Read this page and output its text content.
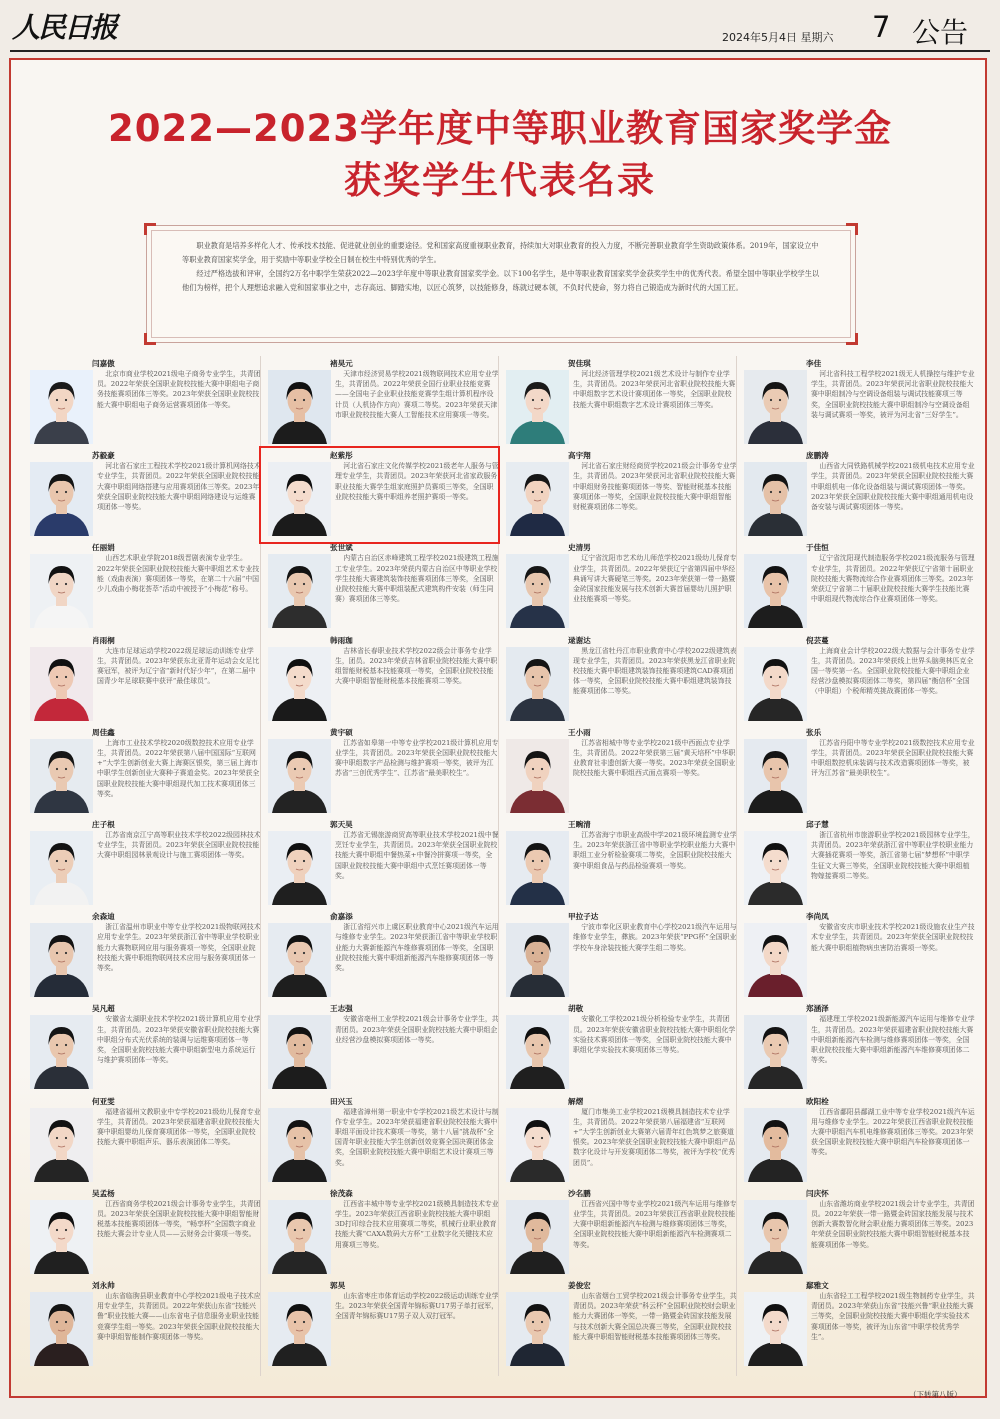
人民日报	2024年5月4日 星期六 7 公告
2022—2023学年度中等职业教育国家奖学金
获奖学生代表名录

职业教育是培养多样化人才、传承技术技能、促进就业创业的重要途径。党和国家高度重视职业教育，持续加大对职业教育的投入力度，不断完善职业教育学生资助政策体系。2019年，国家设立中等职业教育国家奖学金，用于奖励中等职业学校全日制在校生中特别优秀的学生。

经过严格选拔和评审，全国约2万名中职学生荣获2022—2023学年度中等职业教育国家奖学金。以下100名学生，是中等职业教育国家奖学金获奖学生中的优秀代表。希望全国中等职业学校学生以他们为榜样，把个人理想追求融入党和国家事业之中，志存高远、脚踏实地，以匠心筑梦，以技能修身，练就过硬本领，不负时代使命，努力将自己锻造成为新时代的大国工匠。

闫嘉傲

北京市商业学校2021级电子商务专业学生，共青团员。2022年荣获全国职业院校技能大赛中职组电子商务技能赛项团体三等奖。2023年荣获全国职业院校技能大赛中职组电子商务运营赛项团体一等奖。

褚昊元

天津市经济贸易学校2021级物联网技术应用专业学生，共青团员。2022年荣获全国行业职业技能竞赛——全国电子企业职业技能竞赛学生组计算机程序设计员（人机协作方向）赛项二等奖。2023年荣获天津市职业院校技能大赛人工智能技术应用赛项一等奖。

贺佳琪

河北经济管理学校2021级艺术设计与制作专业学生，共青团员。2023年荣获河北省职业院校技能大赛中职组数字艺术设计赛项团体一等奖，全国职业院校技能大赛中职组数字艺术设计赛项团体三等奖。

李佳

河北省科技工程学校2021级无人机操控与维护专业学生，共青团员。2023年荣获河北省职业院校技能大赛中职组制冷与空调设备组装与调试技能赛项三等奖，全国职业院校技能大赛中职组制冷与空调设备组装与调试赛项一等奖，被评为河北省“三好学生”。

苏毅豪

河北省石家庄工程技术学校2021级计算机网络技术专业学生，共青团员。2022年荣获全国职业院校技能大赛中职组网络搭建与应用赛项团体三等奖。2023年荣获全国职业院校技能大赛中职组网络建设与运维赛项团体一等奖。

赵紫彤

河北省石家庄文化传媒学校2021级老年人服务与管理专业学生，共青团员。2023年荣获河北省家政服务职业技能大赛学生组家庭照护员赛项三等奖，全国职业院校技能大赛中职组养老照护赛项一等奖。

高宇翔

河北省石家庄财经商贸学校2021级会计事务专业学生，共青团员。2023年荣获河北省职业院校技能大赛中职组财务技能赛项团体一等奖、智能财税基本技能赛项团体一等奖，全国职业院校技能大赛中职组智能财税赛项团体二等奖。

庞鹏涛

山西省大同铁路机械学校2021级机电技术应用专业学生，共青团员。2023年荣获全国职业院校技能大赛中职组机电一体化设备组装与调试赛项团体一等奖。2023年荣获全国职业院校技能大赛中职组通用机电设备安装与调试赛项团体一等奖。

任丽娟

山西艺术职业学院2018级晋剧表演专业学生。2022年荣获全国职业院校技能大赛中职组艺术专业技能（戏曲表演）赛项团体一等奖，在第二十六届“中国少儿戏曲小梅花荟萃”活动中被授予“小梅花”称号。

张世斌

内蒙古自治区赤峰建筑工程学校2021级建筑工程施工专业学生。2023年荣获内蒙古自治区中等职业学校学生技能大赛建筑装饰技能赛项团体三等奖，全国职业院校技能大赛中职组装配式建筑构件安装（师生同赛）赛项团体三等奖。

史清男

辽宁省沈阳市艺术幼儿师范学校2021级幼儿保育专业学生，共青团员。2022年荣获辽宁省第四届中华经典诵写讲大赛硬笔三等奖。2023年荣获第一带一路暨金砖国家技能发展与技术创新大赛首届婴幼儿照护职业技能赛项一等奖。

于佳恒

辽宁省沈阳现代制造服务学校2021级流服务与管理专业学生，共青团员。2022年荣获辽宁省第十届职业院校技能大赛物流综合作业赛项团体三等奖。2023年荣获辽宁省第二十届职业院校技能大赛学生技能比赛中职组现代物流综合作业赛项团体一等奖。

肖雨桐

大连市足球运动学校2022级足球运动训练专业学生，共青团员。2023年荣获东北亚青年运动会女足比赛冠军，被评为辽宁省“新时代好少年”，在第二届中国青少年足球联赛中获评“最佳球员”。

韩雨珈

吉林省长春职业技术学校2022级会计事务专业学生，团员。2023年荣获吉林省职业院校技能大赛中职组智能财税基本技能赛项一等奖，全国职业院校技能大赛中职组智能财税基本技能赛项二等奖。

逯谢达

黑龙江省牡丹江市职业教育中心学校2022级建筑表现专业学生，共青团员。2023年荣获黑龙江省职业院校技能大赛中职组建筑装饰技能赛项建筑CAD赛项团体一等奖，全国职业院校技能大赛中职组建筑装饰技能赛项团体二等奖。

倪芸蔓

上海商业会计学校2022级大数据与会计事务专业学生，共青团员。2023年荣获线上世界头脑奥林匹克全国一等奖第一名。全国职业院校技能大赛中职组企业经营沙盘模拟赛项团体二等奖，第四届“衡信杯”全国（中职组）个税师精英挑战赛团体一等奖。

周佳鑫

上海市工业技术学校2020级数控技术应用专业学生，共青团员。2022年荣获第八届中国国际“互联网+”大学生创新创业大赛上海赛区银奖，第三届上海市中职学生创新创业大赛种子赛道金奖。2023年荣获全国职业院校技能大赛中职组现代加工技术赛项团体三等奖。

黄宇硕

江苏省如皋第一中等专业学校2021级计算机应用专业学生，共青团员。2023年荣获全国职业院校技能大赛中职组数字产品检测与维护赛项一等奖，被评为江苏省“三创优秀学生”、江苏省“最美职校生”。

王小雨

江苏省相城中等专业学校2021级中西面点专业学生，共青团员。2022年荣获第三届“黄天培杯”中华职业教育社非遗创新大赛一等奖。2023年荣获全国职业院校技能大赛中职组西式面点赛项一等奖。

张乐

江苏省丹阳中等专业学校2021级数控技术应用专业学生，共青团员。2023年荣获全国职业院校技能大赛中职组数控机床装调与技术改造赛项团体一等奖，被评为江苏省“最美职校生”。

庄子根

江苏省南京江宁高等职业技术学校2022级园林技术专业学生，共青团员。2023年荣获全国职业院校技能大赛中职组园林景观设计与施工赛项团体一等奖。

郭天昊

江苏省无锡旅游商贸高等职业技术学校2021级中餐烹饪专业学生，共青团员。2023年荣获全国职业院校技能大赛中职组中餐热菜+中餐冷拼赛项一等奖，全国职业院校技能大赛中职组中式烹饪赛项团体一等奖。

王畹清

江苏省海宁市职业高级中学2021级环境监测专业学生。2023年荣获浙江省中等职业学校职业能力大赛中职组工业分析检验赛项二等奖，全国职业院校技能大赛中职组食品与药品检验赛项一等奖。

邱子慧

浙江省杭州市旅游职业学校2021级园林专业学生，共青团员。2023年荣获浙江省中等职业学校职业能力大赛插花赛项一等奖，浙江省第七届“梦想杯”中职学生征文大赛三等奖，全国职业院校技能大赛中职组植物嫁接赛项二等奖。

余森迪

浙江省温州市职业中等专业学校2021级物联网技术应用专业学生。2023年荣获浙江省中等职业学校职业能力大赛物联网应用与服务赛项一等奖，全国职业院校技能大赛中职组物联网技术应用与服务赛项团体一等奖。

俞嘉添

浙江省绍兴市上虞区职业教育中心2021级汽车运用与维修专业学生。2023年荣获浙江省中等职业学校职业能力大赛新能源汽车维修赛项团体一等奖，全国职业院校技能大赛中职组新能源汽车维修赛项团体一等奖。

甲拉子达

宁波市奉化区职业教育中心学校2021级汽车运用与维修专业学生，彝族。2023年荣获“PPG杯”全国职业学校车身涂装技能大赛学生组二等奖。

李尚凤

安徽省安庆市职业技术学校2021级设施农业生产技术专业学生，共青团员。2023年荣获全国职业院校技能大赛中职组植物病虫害防治赛项一等奖。

吴凡超

安徽省太湖职业技术学校2021级计算机应用专业学生，共青团员。2023年荣获安徽省职业院校技能大赛中职组分布式光伏系统的装调与运维赛项团体一等奖，全国职业院校技能大赛中职组新型电力系统运行与维护赛项团体一等奖。

王志强

安徽省亳州工业学校2021级会计事务专业学生，共青团员。2023年荣获全国职业院校技能大赛中职组企业经营沙盘模拟赛项团体一等奖。

胡敬

安徽化工学校2021级分析检验专业学生，共青团员。2023年荣获安徽省职业院校技能大赛中职组化学实验技术赛项团体一等奖，全国职业院校技能大赛中职组化学实验技术赛项团体三等奖。

郑涵泽

福建理工学校2021级新能源汽车运用与维修专业学生，共青团员。2023年荣获福建省职业院校技能大赛中职组新能源汽车检测与维修赛项团体一等奖，全国职业院校技能大赛中职组新能源汽车维修赛项团体二等奖。

何亚雯

福建省福州文教职业中专学校2021级幼儿保育专业学生，共青团员。2023年荣获福建省职业院校技能大赛中职组婴幼儿保育赛项团体一等奖，全国职业院校技能大赛中职组声乐、器乐表演团体二等奖。

田兴玉

福建省漳州第一职业中专学校2021级艺术设计与制作专业学生。2023年荣获福建省职业院校技能大赛中职组平面设计技术赛项一等奖，第十八届“挑战杯”全国青年职业技能大学生创新创效竞赛全国决赛团体金奖，全国职业院校技能大赛中职组艺术设计赛项三等奖。

解熠

厦门市集美工业学校2021级模具制造技术专业学生，共青团员。2022年荣获第八届福建省“互联网+”大学生创新创业大赛第六届青年红色筑梦之旅赛道银奖。2023年荣获全国职业院校技能大赛中职组产品数字化设计与开发赛项团体二等奖，被评为学校“优秀团员”。

欧阳栓

江西省鄱阳县鄱湖工业中等专业学校2021级汽车运用与维修专业学生。2022年荣获江西省职业院校技能大赛中职组汽车机电维修赛项团体三等奖。2023年荣获全国职业院校技能大赛中职组汽车检修赛项团体一等奖。

吴孟杨

江西省商务学校2021级会计事务专业学生，共青团员。2023年荣获全国职业院校技能大赛中职组智能财税基本技能赛项团体一等奖，“畅享杯”全国数字商业技能大赛会计专业人员——云财务会计赛项一等奖。

徐茂森

江西省丰城中等专业学校2021级模具制造技术专业学生。2023年荣获江西省职业院校技能大赛中职组3D打印综合技术应用赛项二等奖，机械行业职业教育技能大赛“CAXA数码大方杯”工业数字化关键技术应用赛项三等奖。

沙名鹏

江西省兴国中等专业学校2021级汽车运用与维修专业学生，共青团员。2023年荣获江西省职业院校技能大赛中职组新能源汽车检测与维修赛项团体三等奖，全国职业院校技能大赛中职组新能源汽车检测赛项二等奖。

闫庆怀

山东省潍坊商业学校2021级会计专业学生，共青团员。2022年荣获一带一路暨金砖国家技能发展与技术创新大赛数智化财会职业能力赛项团体三等奖。2023年荣获全国职业院校技能大赛中职组智能财税基本技能赛项团体一等奖。

刘永帅

山东省临朐县职业教育中心学校2021级电子技术应用专业学生，共青团员。2022年荣获山东省“技能兴鲁”职业技能大赛——山东省电子信息服务业职业技能竞赛学生组一等奖。2023年荣获全国职业院校技能大赛中职组智能制作赛项团体一等奖。

郭昊

山东省枣庄市体育运动学校2022级运动训练专业学生。2023年荣获全国青年锦标赛U17男子单打冠军，全国青年锦标赛U17男子双人双打冠军。

姜俊宏

山东省烟台工贸学校2021级会计事务专业学生，共青团员。2023年荣获“科云杯”全国职业院校财会职业能力大赛团体一等奖，一带一路暨金砖国家技能发展与技术创新大赛全国总决赛三等奖，全国职业院校技能大赛中职组智能财税基本技能赛项团体三等奖。

鄢雅文

山东省轻工工程学校2021级生物制药专业学生，共青团员。2023年荣获山东省“技能兴鲁”职业技能大赛三等奖，全国职业院校技能大赛中职组化学实验技术赛项团体一等奖，被评为山东省“中职学校优秀学生”。

（下转第八版）
